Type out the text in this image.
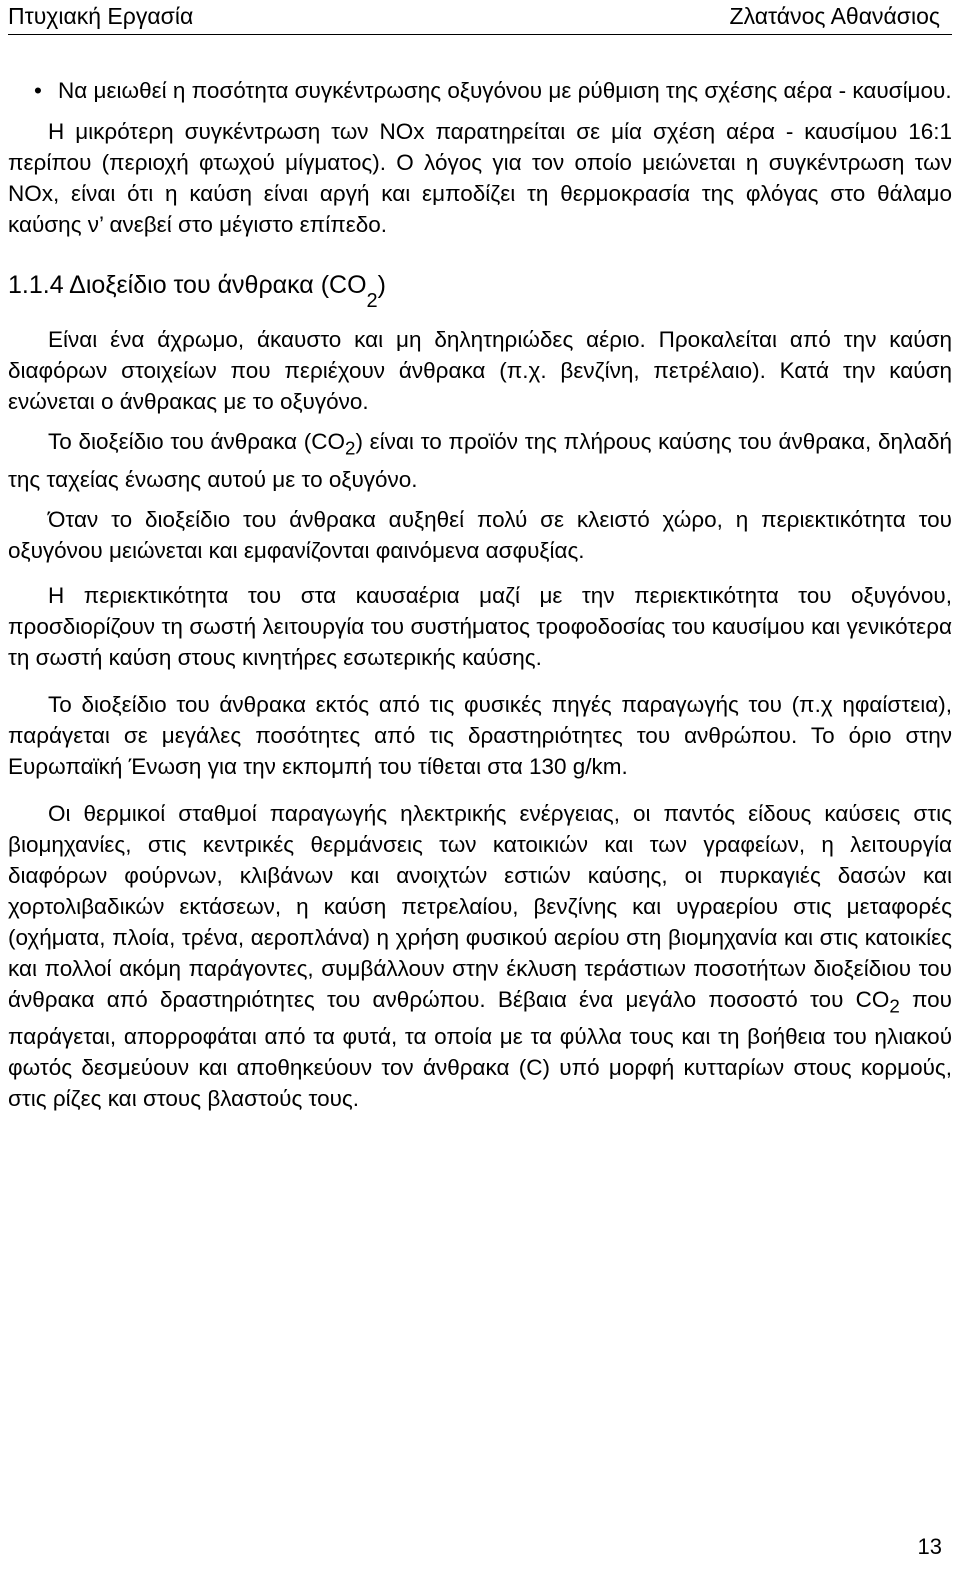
Πτυχιακή Εργασία	Ζλατάνος Αθανάσιος
• Να μειωθεί η ποσότητα συγκέντρωσης οξυγόνου με ρύθμιση της σχέσης αέρα - καυσίμου.

Η μικρότερη συγκέντρωση των NOx παρατηρείται σε μία σχέση αέρα - καυσίμου 16:1 περίπου (περιοχή φτωχού μίγματος). Ο λόγος για τον οποίο μειώνεται η συγκέντρωση των NOx, είναι ότι η καύση είναι αργή και εμποδίζει τη θερμοκρασία της φλόγας στο θάλαμο καύσης ν’ ανεβεί στο μέγιστο επίπεδο.

1.1.4 Διοξείδιο του άνθρακα $(CO_2)$

Είναι ένα άχρωμο, άκαυστο και μη δηλητηριώδες αέριο. Προκαλείται από την καύση διαφόρων στοιχείων που περιέχουν άνθρακα (π.χ. βενζίνη, πετρέλαιο). Κατά την καύση ενώνεται ο άνθρακας με το οξυγόνο.

Το διοξείδιο του άνθρακα $(CO_2)$ είναι το προϊόν της πλήρους καύσης του άνθρακα, δηλαδή της ταχείας ένωσης αυτού με το οξυγόνο.

Όταν το διοξείδιο του άνθρακα αυξηθεί πολύ σε κλειστό χώρο, η περιεκτικότητα του οξυγόνου μειώνεται και εμφανίζονται φαινόμενα ασφυξίας.

Η περιεκτικότητα του στα καυσαέρια μαζί με την περιεκτικότητα του οξυγόνου, προσδιορίζουν τη σωστή λειτουργία του συστήματος τροφοδοσίας του καυσίμου και γενικότερα τη σωστή καύση στους κινητήρες εσωτερικής καύσης.

Το διοξείδιο του άνθρακα εκτός από τις φυσικές πηγές παραγωγής του (π.χ ηφαίστεια), παράγεται σε μεγάλες ποσότητες από τις δραστηριότητες του ανθρώπου. Το όριο στην Ευρωπαϊκή Ένωση για την εκπομπή του τίθεται στα 130 g/km.

Οι θερμικοί σταθμοί παραγωγής ηλεκτρικής ενέργειας, οι παντός είδους καύσεις στις βιομηχανίες, στις κεντρικές θερμάνσεις των κατοικιών και των γραφείων, η λειτουργία διαφόρων φούρνων, κλιβάνων και ανοιχτών εστιών καύσης, οι πυρκαγιές δασών και χορτολιβαδικών εκτάσεων, η καύση πετρελαίου, βενζίνης και υγραερίου στις μεταφορές (οχήματα, πλοία, τρένα, αεροπλάνα) η χρήση φυσικού αερίου στη βιομηχανία και στις κατοικίες και πολλοί ακόμη παράγοντες, συμβάλλουν στην έκλυση τεράστιων ποσοτήτων διοξείδιου του άνθρακα από δραστηριότητες του ανθρώπου. Βέβαια ένα μεγάλο ποσοστό του $CO_2$ που παράγεται, απορροφάται από τα φυτά, τα οποία με τα φύλλα τους και τη βοήθεια του ηλιακού φωτός δεσμεύουν και αποθηκεύουν τον άνθρακα (C) υπό μορφή κυτταρίων στους κορμούς, στις ρίζες και στους βλαστούς τους.

13
